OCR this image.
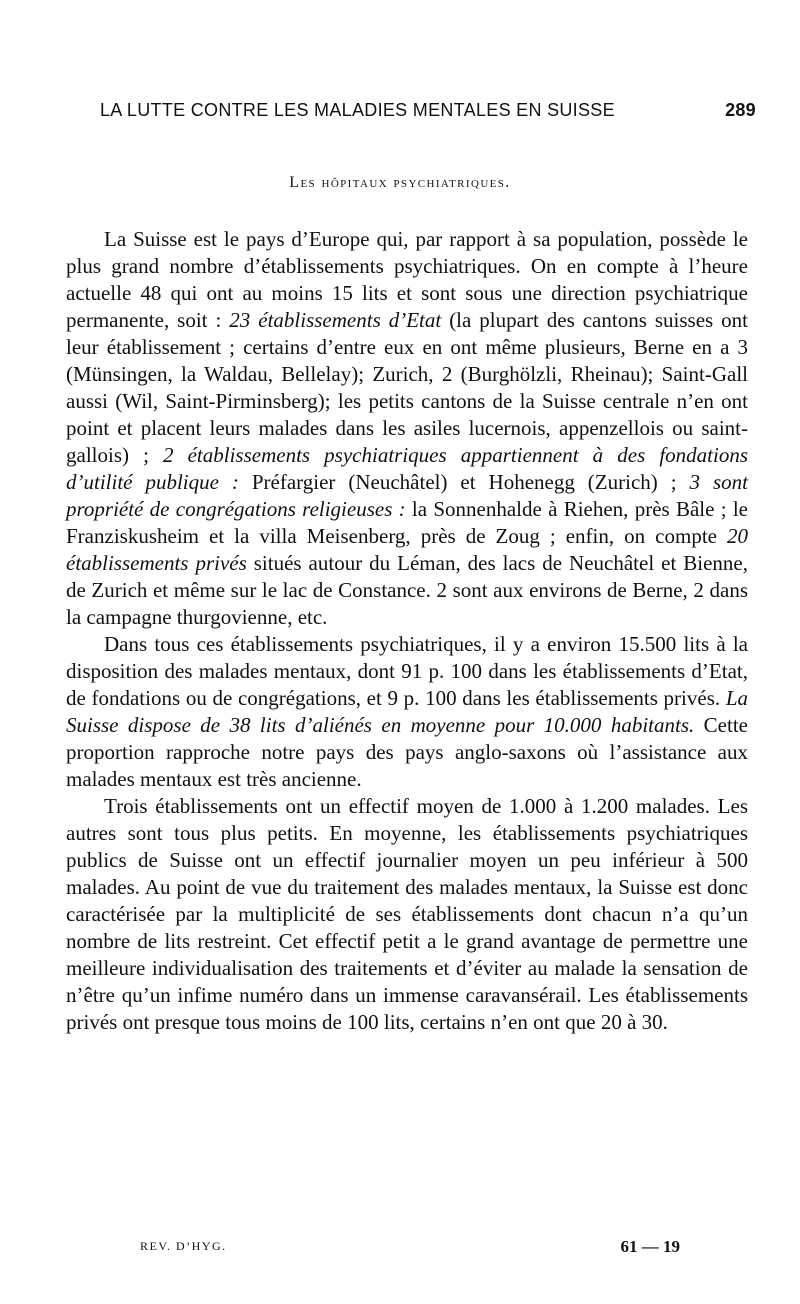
LA LUTTE CONTRE LES MALADIES MENTALES EN SUISSE	289
Les hôpitaux psychiatriques.

La Suisse est le pays d’Europe qui, par rapport à sa population, possède le plus grand nombre d’établissements psychiatriques. On en compte à l’heure actuelle 48 qui ont au moins 15 lits et sont sous une direction psychiatrique permanente, soit : 23 établissements d’Etat (la plupart des cantons suisses ont leur établissement ; certains d’entre eux en ont même plusieurs, Berne en a 3 (Münsingen, la Waldau, Bellelay); Zurich, 2 (Burghölzli, Rheinau); Saint-Gall aussi (Wil, Saint-Pirminsberg); les petits cantons de la Suisse centrale n’en ont point et placent leurs malades dans les asiles lucernois, appenzellois ou saint-gallois) ; 2 établissements psychiatriques appartiennent à des fondations d’utilité publique : Préfargier (Neuchâtel) et Hohenegg (Zurich) ; 3 sont propriété de congrégations religieuses : la Sonnenhalde à Riehen, près Bâle ; le Franziskusheim et la villa Meisenberg, près de Zoug ; enfin, on compte 20 établissements privés situés autour du Léman, des lacs de Neuchâtel et Bienne, de Zurich et même sur le lac de Constance. 2 sont aux environs de Berne, 2 dans la campagne thurgovienne, etc.

Dans tous ces établissements psychiatriques, il y a environ 15.500 lits à la disposition des malades mentaux, dont 91 p. 100 dans les établissements d’Etat, de fondations ou de congrégations, et 9 p. 100 dans les établissements privés. La Suisse dispose de 38 lits d’aliénés en moyenne pour 10.000 habitants. Cette proportion rapproche notre pays des pays anglo-saxons où l’assistance aux malades mentaux est très ancienne.

Trois établissements ont un effectif moyen de 1.000 à 1.200 malades. Les autres sont tous plus petits. En moyenne, les établissements psychiatriques publics de Suisse ont un effectif journalier moyen un peu inférieur à 500 malades. Au point de vue du traitement des malades mentaux, la Suisse est donc caractérisée par la multiplicité de ses établissements dont chacun n’a qu’un nombre de lits restreint. Cet effectif petit a le grand avantage de permettre une meilleure individualisation des traitements et d’éviter au malade la sensation de n’être qu’un infime numéro dans un immense caravansérail. Les établissements privés ont presque tous moins de 100 lits, certains n’en ont que 20 à 30.

REV. D’HYG.	61 — 19
